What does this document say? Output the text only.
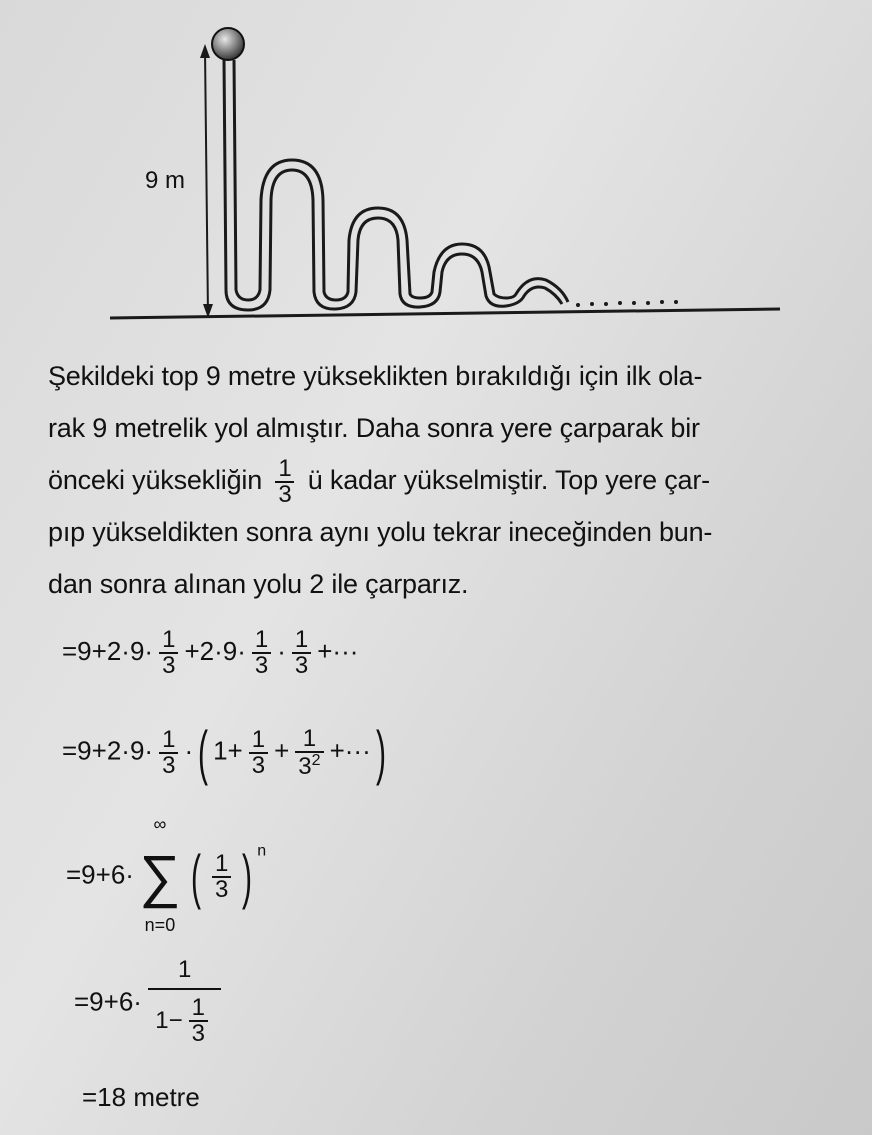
9 m
Şekildeki top 9 metre yükseklikten bırakıldığı için ilk ola-
rak 9 metrelik yol almıştır. Daha sonra yere çarparak bir
önceki yüksekliğin $\frac{1}{3}$ ü kadar yükselmiştir. Top yere çar-
pıp yükseldikten sonra aynı yolu tekrar ineceğinden bun-
dan sonra alınan yolu 2 ile çarparız.
$=9+2\cdot 9\cdot \frac{1}{3} +2\cdot 9\cdot \frac{1}{3} \cdot \frac{1}{3}$ +···
$=9+2\cdot 9\cdot \frac{1}{3}$ ·( $1+ \frac{1}{3} + \frac{1}{3^2}$ +···)
=9+6·
∞
∑
n=0
( $\frac{1}{3}$ ) $^n$
$=9+6\cdot \frac{1}{1- \frac{1}{3}}$
=18 metre
